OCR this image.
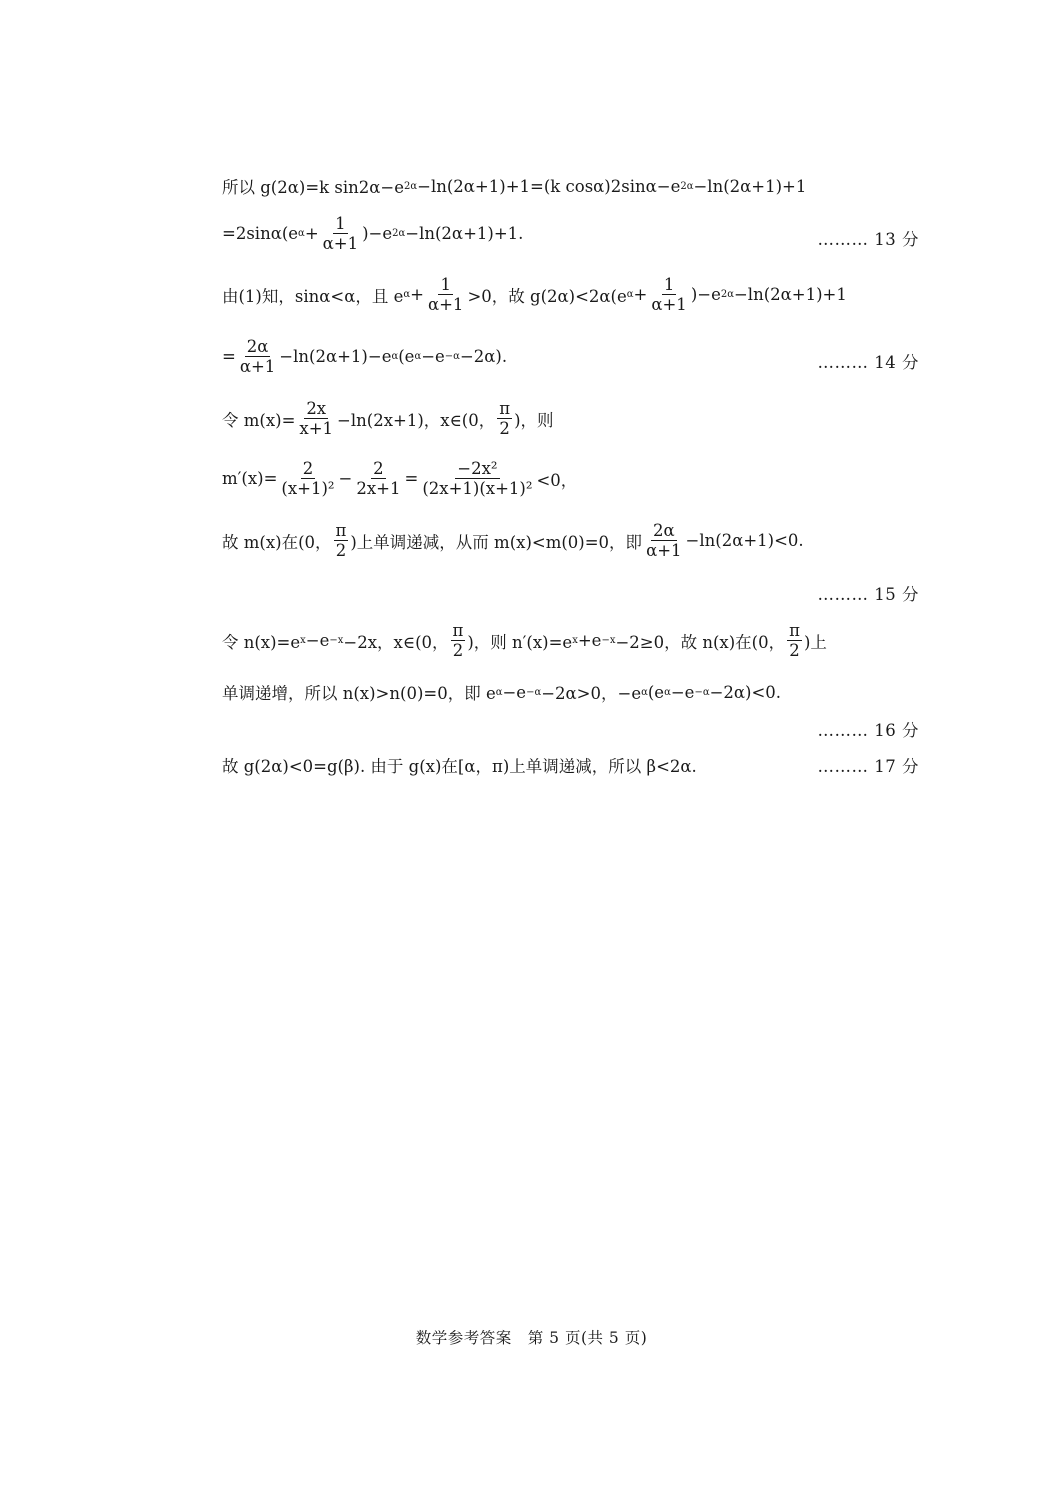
所以 g(2α)=k sin2α−e 2α −ln(2α+1)+1=(k cosα)2sinα−e 2α −ln(2α+1)+1
=2sinα(e $\alpha + \frac{1}{\alpha+1} )-e$ 2α −ln(2α+1)+1.	……… 13 分
由(1)知，sinα<α，且 e $\alpha + \frac{1}{\alpha+1} >0$，故 g(2α)<2α(e $\alpha + \frac{1}{\alpha+1} )-e$ 2α −ln(2α+1)+1
= $\frac{2\alpha}{\alpha+1} -\ln(2\alpha+1)-e$ α (e α −e −α −2α).	……… 14 分
令 $m(x)= \frac{2x}{x+1} -\ln(2x+1)$，x∈(0， $\frac{\pi}{2}$ )，则
$m'(x)= \frac{2}{\text{(x+1)²}} - \frac{2}{2x+1} = \frac{\text{−2x²}}{\text{(2x+1)(x+1)²}} <0$，
故 m(x)在(0， $\frac{\pi}{2}$ )上单调递减，从而 m(x)<m(0)=0，即 $\frac{2\alpha}{\alpha+1} -\ln(2\alpha+1)<0$.
……… 15 分
令 n(x)=e x −e −x −2x，x∈(0， $\frac{\pi}{2}$ )，则 n′(x)=e x +e −x −2≥0，故 n(x)在(0， $\frac{\pi}{2}$ )上
单调递增，所以 n(x)>n(0)=0，即 e α −e −α −2α>0，−e α (e α −e −α −2α)<0.
……… 16 分
故 g(2α)<0=g(β). 由于 g(x)在[α，π)上单调递减，所以 β<2α.	……… 17 分
数学参考答案　第 5 页(共 5 页)
